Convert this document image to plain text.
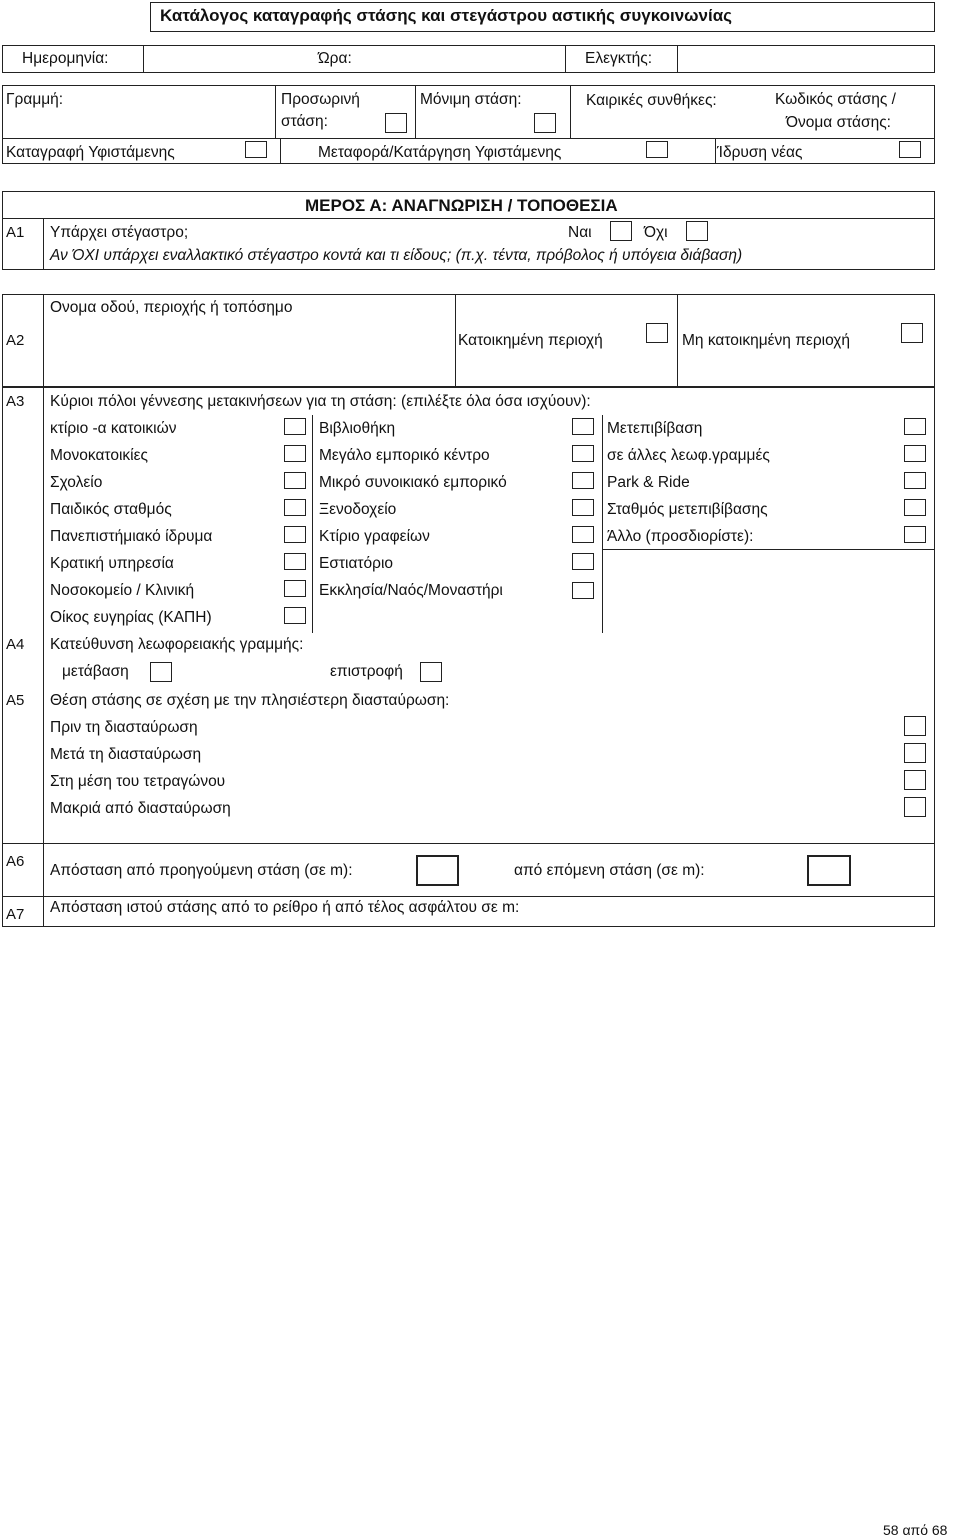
Κατάλογος καταγραφής στάσης και στεγάστρου αστικής συγκοινωνίας
Ημερομηνία:	Ώρα:	Ελεγκτής:
Γραμμή:	Προσωρινή
στάση:
Μόνιμη στάση:	Καιρικές συνθήκες:	Κωδικός στάσης /
Όνομα στάσης:
Καταγραφή Υφιστάμενης	Μεταφορά/Κατάργηση Υφιστάμενης	Ίδρυση νέας
ΜΕΡΟΣ Α: ΑΝΑΓΝΩΡΙΣΗ / ΤΟΠΟΘΕΣΙΑ
A1 Υπάρχει στέγαστρο;	Ναι	Όχι
Αν ΌΧΙ υπάρχει εναλλακτικό στέγαστρο κοντά και τι είδους; (π.χ. τέντα, πρόβολος ή υπόγεια διάβαση)
A2
Ονομα οδού, περιοχής ή τοπόσημο
Κατοικημένη περιοχή	Μη κατοικημένη περιοχή
A3 Κύριοι πόλοι γέννεσης μετακινήσεων για τη στάση: (επιλέξτε όλα όσα ισχύουν):
κτίριο -α κατοικιών
Μονοκατοικίες
Σχολείο
Παιδικός σταθμός
Πανεπιστήμιακό ίδρυμα
Κρατική υπηρεσία
Νοσοκομείο / Κλινική
Οίκος ευγηρίας (ΚΑΠΗ)
Βιβλιοθήκη
Μεγάλο εμπορικό κέντρο
Μικρό συνοικιακό εμπορικό
Ξενοδοχείο
Κτίριο γραφείων
Εστιατόριο
Εκκλησία/Ναός/Μοναστήρι
Μετεπιβίβαση
σε άλλες λεωφ.γραμμές
Park & Ride
Σταθμός μετεπιβίβασης
Άλλο (προσδιορίστε):
A4 Κατεύθυνση λεωφορειακής γραμμής:
μετάβαση	επιστροφή
A5 Θέση στάσης σε σχέση με την πλησιέστερη διασταύρωση:
Πριν τη διασταύρωση
Μετά τη διασταύρωση
Στη μέση του τετραγώνου
Μακριά από διασταύρωση
A6
Απόσταση από προηγούμενη στάση (σε m):	από επόμενη στάση (σε m):
A7 Απόσταση ιστού στάσης από το ρείθρο ή από τέλος ασφάλτου σε m:
58 από 68
